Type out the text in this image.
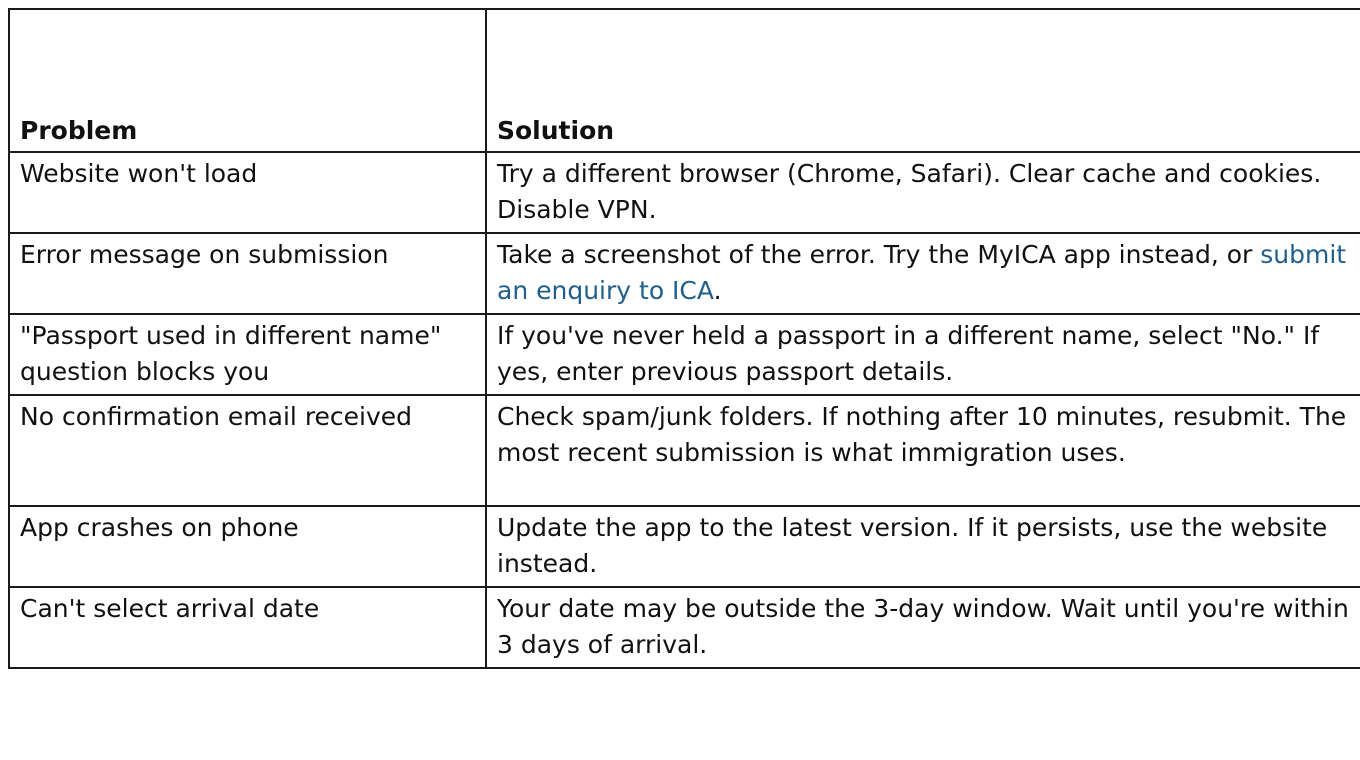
Problem	Solution
Website won't load	Try a different browser (Chrome, Safari). Clear cache and cookies. Disable VPN.
Error message on submission	Take a screenshot of the error. Try the MyICA app instead, or submit an enquiry to ICA.
"Passport used in different name" question blocks you	If you've never held a passport in a different name, select "No." If yes, enter previous passport details.
No confirmation email received	Check spam/junk folders. If nothing after 10 minutes, resubmit. The most recent submission is what immigration uses.
App crashes on phone	Update the app to the latest version. If it persists, use the website instead.
Can't select arrival date	Your date may be outside the 3-day window. Wait until you're within 3 days of arrival.
